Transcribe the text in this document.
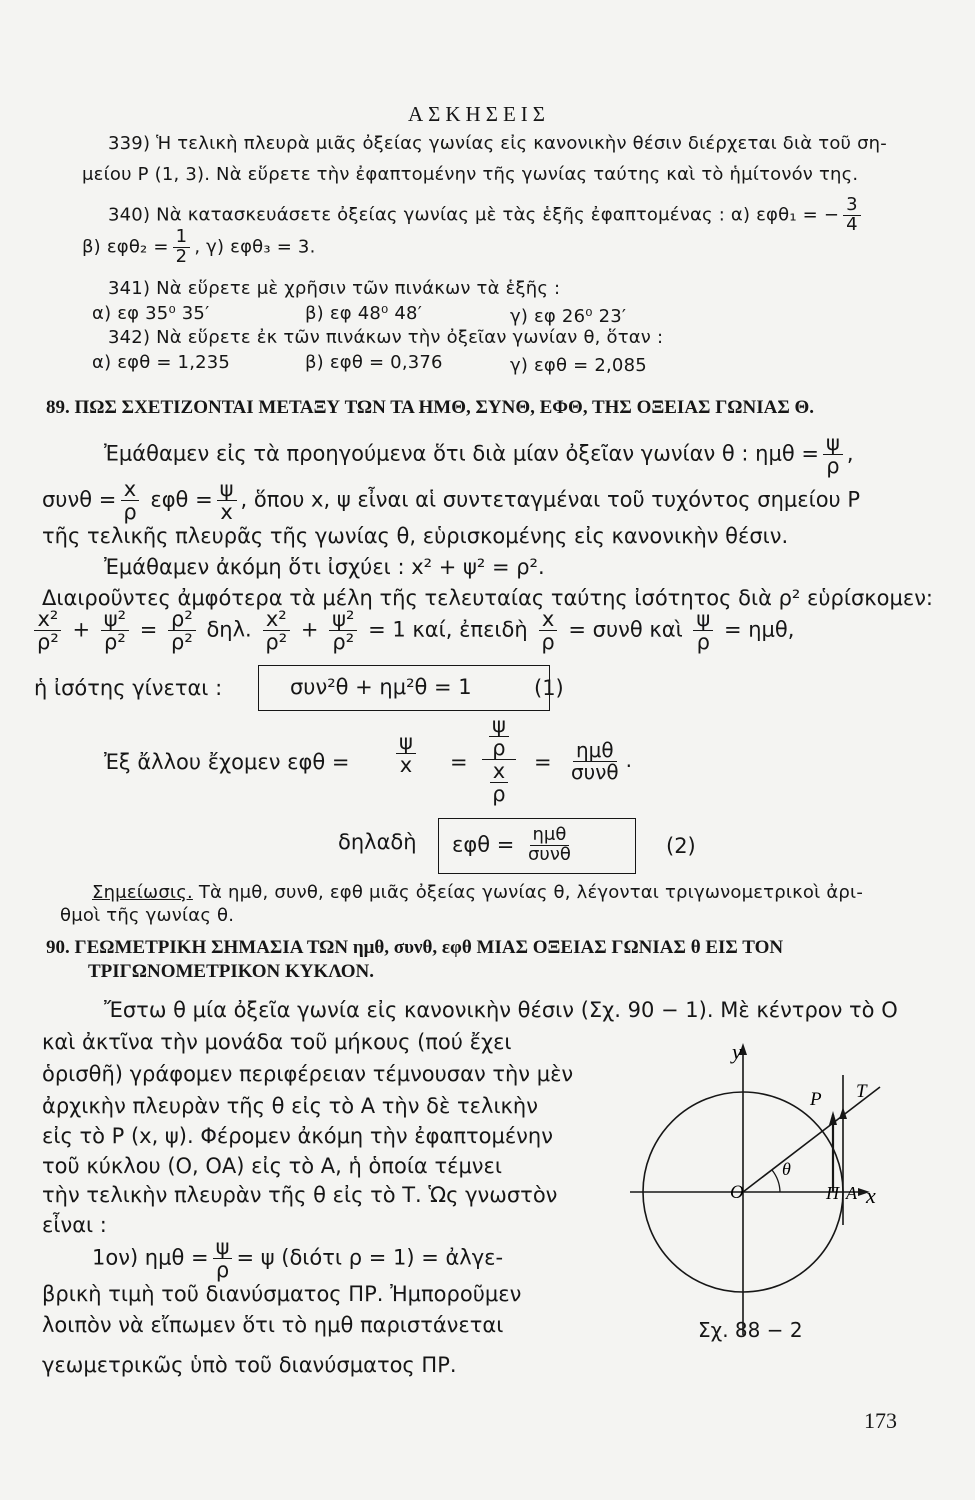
ΑΣΚΗΣΕΙΣ
339) Ἡ τελικὴ πλευρὰ μιᾶς ὀξείας γωνίας εἰς κανονικὴν θέσιν διέρχεται διὰ τοῦ ση-
μείου Ρ (1, 3). Νὰ εὕρετε τὴν ἐφαπτομένην τῆς γωνίας ταύτης καὶ τὸ ἡμίτονόν της.
340) Νὰ κατασκευάσετε ὀξείας γωνίας μὲ τὰς ἑξῆς ἐφαπτομένας : α) εφθ₁ = − $\frac{3}{4}$
β) $\varepsilon\varphi\theta_2 = \frac{1}{2}$ , γ) εφθ₃ = 3.
341) Νὰ εὕρετε μὲ χρῆσιν τῶν πινάκων τὰ ἑξῆς :
α) εφ 35⁰ 35′	β) εφ 48⁰ 48′	γ) εφ 26⁰ 23′
342) Νὰ εὕρετε ἐκ τῶν πινάκων τὴν ὀξεῖαν γωνίαν θ, ὅταν :
α) εφθ = 1,235	β) εφθ = 0,376	γ) εφθ = 2,085
89. ΠΩΣ ΣΧΕΤΙΖΟΝΤΑΙ ΜΕΤΑΞΥ ΤΩΝ ΤΑ ΗΜΘ, ΣΥΝΘ, ΕΦΘ, ΤΗΣ ΟΞΕΙΑΣ ΓΩΝΙΑΣ Θ.
Ἐμάθαμεν εἰς τὰ προηγούμενα ὅτι διὰ μίαν ὀξεῖαν γωνίαν θ : $\eta\mu\theta = \frac{\psi}{\rho}$ ,
$\sigma\upsilon\nu\theta = \frac{x}{\rho}$ $\varepsilon\varphi\theta = \frac{\psi}{x}$ , ὅπου x, ψ εἶναι αἱ συντεταγμέναι τοῦ τυχόντος σημείου Ρ
τῆς τελικῆς πλευρᾶς τῆς γωνίας θ, εὑρισκομένης εἰς κανονικὴν θέσιν.
Ἐμάθαμεν ἀκόμη ὅτι ἰσχύει : x² + ψ² = ρ².
Διαιροῦντες ἀμφότερα τὰ μέλη τῆς τελευταίας ταύτης ἰσότητος διὰ ρ² εὑρίσκομεν:
$\frac{\text{x²}}{\text{ρ²}} + \frac{\text{ψ²}}{\text{ρ²}} = \frac{\text{ρ²}}{\text{ρ²}} \delta\eta\lambda$. $\frac{\text{x²}}{\text{ρ²}} + \frac{\text{ψ²}}{\text{ρ²}} = 1$ καί, ἐπειδὴ $\frac{x}{\rho} = \sigma\upsilon\nu\theta$ καὶ $\frac{\psi}{\rho} = \eta\mu\theta$,
ἡ ἰσότης γίνεται :	συν²θ + ημ²θ = 1	(1)
Ἐξ ἄλλου ἔχομεν $\varepsilon\varphi\theta = \frac{\psi}{x} = \frac{\frac{\psi}{\rho}}{\frac{x}{\rho}} = \frac{\text{ημθ}}{\text{συνθ}}$ .
δηλαδὴ $\varepsilon\varphi\theta = \frac{\text{ημθ}}{\text{συνθ}}$	(2)
Σημείωσις. Τὰ ημθ, συνθ, εφθ μιᾶς ὀξείας γωνίας θ, λέγονται τριγωνομετρικοὶ ἀρι-
θμοὶ τῆς γωνίας θ.
90. ΓΕΩΜΕΤΡΙΚΗ ΣΗΜΑΣΙΑ ΤΩΝ ημθ, συνθ, εφθ ΜΙΑΣ ΟΞΕΙΑΣ ΓΩΝΙΑΣ θ ΕΙΣ ΤΟΝ
ΤΡΙΓΩΝΟΜΕΤΡΙΚΟΝ ΚΥΚΛΟΝ.
Ἔστω θ μία ὀξεῖα γωνία εἰς κανονικὴν θέσιν (Σχ. 90 − 1). Μὲ κέντρον τὸ Ο
καὶ ἀκτῖνα τὴν μονάδα τοῦ μήκους (πού ἔχει
ὁρισθῆ) γράφομεν περιφέρειαν τέμνουσαν τὴν μὲν
ἀρχικὴν πλευρὰν τῆς θ εἰς τὸ Α τὴν δὲ τελικὴν
εἰς τὸ Ρ (x, ψ). Φέρομεν ἀκόμη τὴν ἐφαπτομένην
τοῦ κύκλου (Ο, ΟΑ) εἰς τὸ Α, ἡ ὁποία τέμνει
τὴν τελικὴν πλευρὰν τῆς θ εἰς τὸ Τ. Ὡς γνωστὸν
εἶναι :
1ον) $\eta\mu\theta = \frac{\psi}{\rho} = \psi$ (διότι ρ = 1) = ἀλγε-
βρικὴ τιμὴ τοῦ διανύσματος ΠΡ. Ἠμποροῦμεν
λοιπὸν νὰ εἴπωμεν ὅτι τὸ ημθ παριστάνεται
γεωμετρικῶς ὑπὸ τοῦ διανύσματος ΠΡ.
y
x
O
P T
Π A
θ
Σχ. 88 − 2
173
